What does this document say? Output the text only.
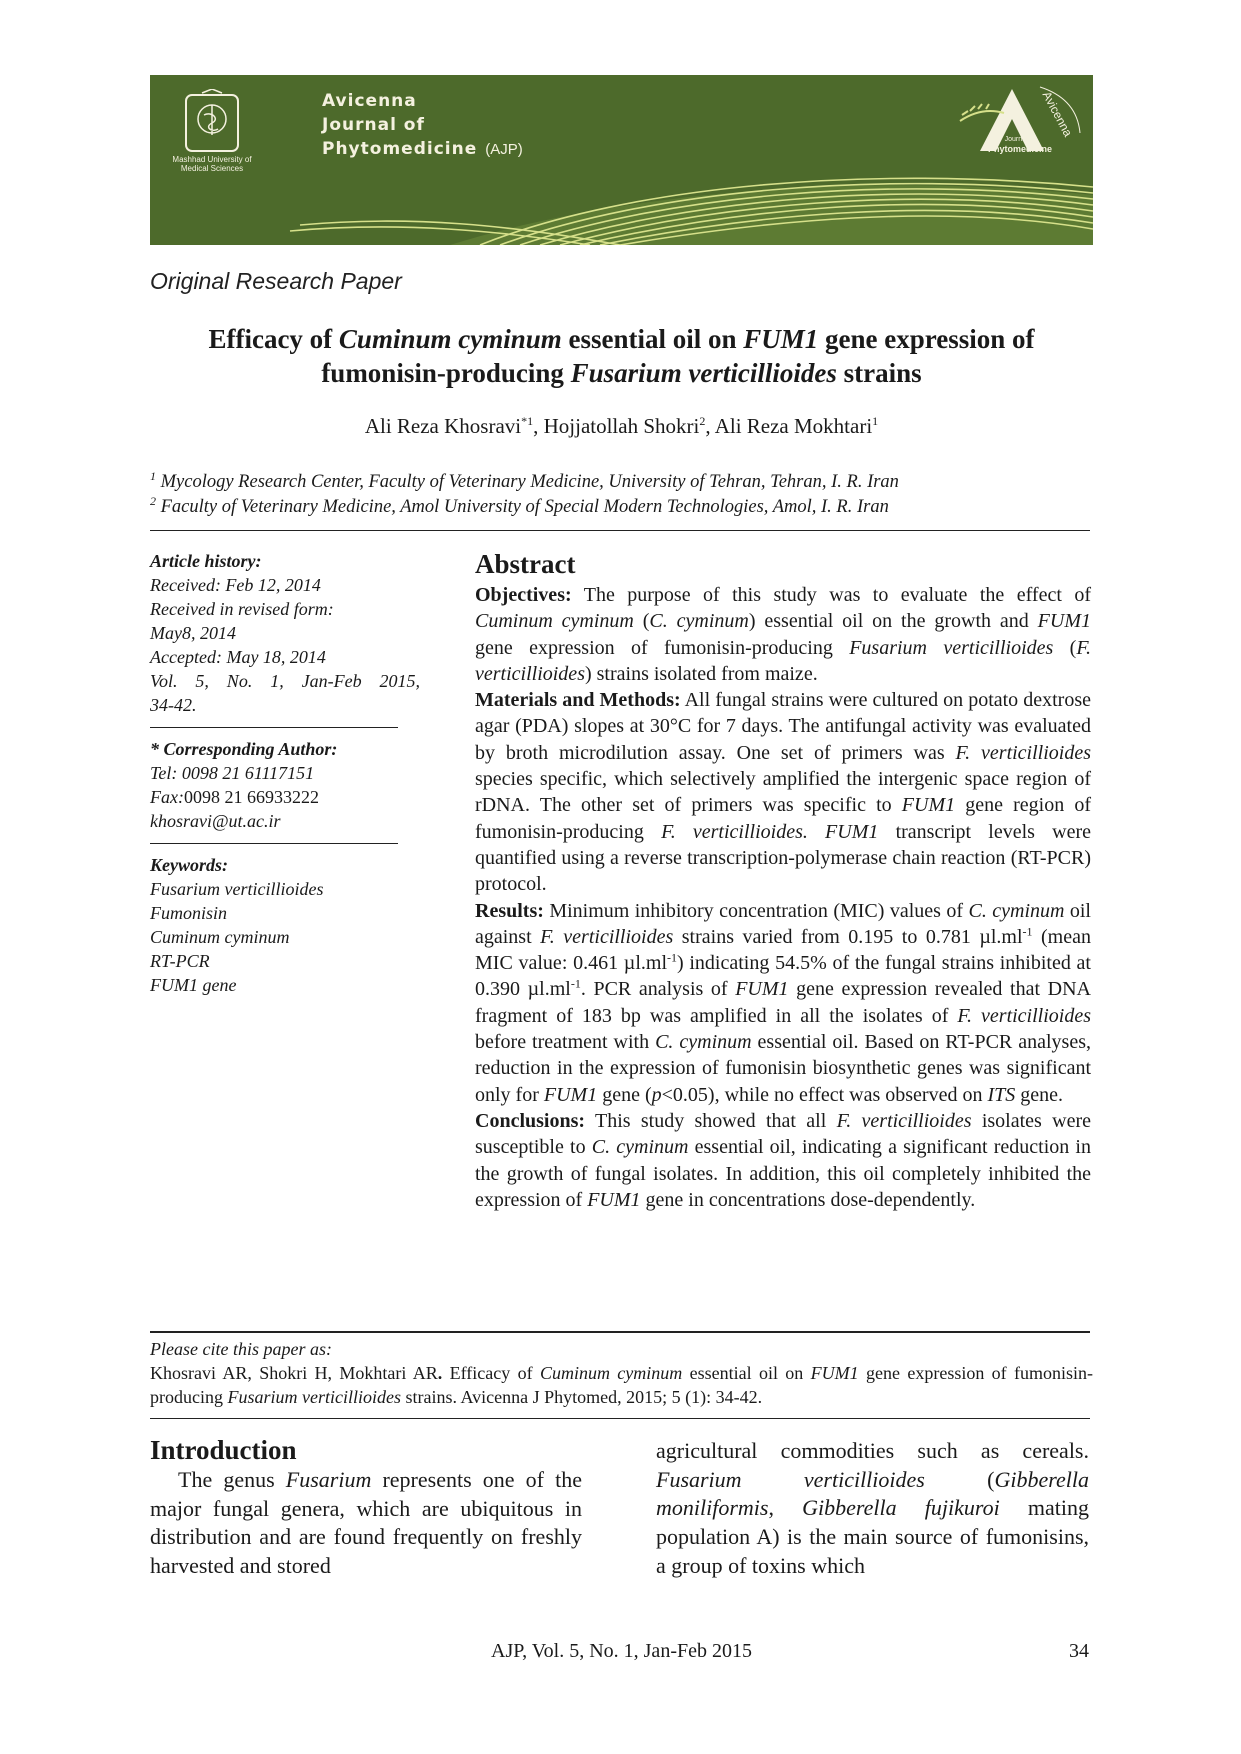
Mashhad University of Medical Sciences
Avicenna
Journal of
Phytomedicine (AJP)
Avicenna
Journal of
Phytomedicine
Original Research Paper
Efficacy of Cuminum cyminum essential oil on FUM1 gene expression of
fumonisin-producing Fusarium verticillioides strains
Ali Reza Khosravi$^{*1}$, Hojjatollah Shokri$^2$, Ali Reza Mokhtari$^1$
$^1$ Mycology Research Center, Faculty of Veterinary Medicine, University of Tehran, Tehran, I. R. Iran
$^2$ Faculty of Veterinary Medicine, Amol University of Special Modern Technologies, Amol, I. R. Iran

Article history:

Received: Feb 12, 2014

Received in revised form:

May8, 2014

Accepted: May 18, 2014

Vol. 5, No. 1, Jan-Feb 2015,

34-42.

* Corresponding Author:

Tel: 0098 21 61117151

Fax:0098 21 66933222

khosravi@ut.ac.ir

Keywords:

Fusarium verticillioides

Fumonisin

Cuminum cyminum

RT-PCR

FUM1 gene

Abstract

Objectives: The purpose of this study was to evaluate the effect of Cuminum cyminum (C. cyminum) essential oil on the growth and FUM1 gene expression of fumonisin-producing Fusarium verticillioides (F. verticillioides) strains isolated from maize.

Materials and Methods: All fungal strains were cultured on potato dextrose agar (PDA) slopes at 30°C for 7 days. The antifungal activity was evaluated by broth microdilution assay. One set of primers was F. verticillioides species specific, which selectively amplified the intergenic space region of rDNA. The other set of primers was specific to FUM1 gene region of fumonisin-producing F. verticillioides. FUM1 transcript levels were quantified using a reverse transcription-polymerase chain reaction (RT-PCR) protocol.

Results: Minimum inhibitory concentration (MIC) values of C. cyminum oil against F. verticillioides strains varied from 0.195 to 0.781 $\mu l.ml^{-1}$ (mean MIC value: 0.461 $\mu l.ml^{-1}$) indicating 54.5% of the fungal strains inhibited at 0.390 $\mu l.ml^{-1}$. PCR analysis of FUM1 gene expression revealed that DNA fragment of 183 bp was amplified in all the isolates of F. verticillioides before treatment with C. cyminum essential oil. Based on RT-PCR analyses, reduction in the expression of fumonisin biosynthetic genes was significant only for FUM1 gene (p<0.05), while no effect was observed on ITS gene.

Conclusions: This study showed that all F. verticillioides isolates were susceptible to C. cyminum essential oil, indicating a significant reduction in the growth of fungal isolates. In addition, this oil completely inhibited the expression of FUM1 gene in concentrations dose-dependently.

Please cite this paper as:
Khosravi AR, Shokri H, Mokhtari AR. Efficacy of Cuminum cyminum essential oil on FUM1 gene expression of fumonisin-producing Fusarium verticillioides strains. Avicenna J Phytomed, 2015; 5 (1): 34-42.
Introduction
The genus Fusarium represents one of the major fungal genera, which are ubiquitous in distribution and are found frequently on freshly harvested and stored
agricultural commodities such as cereals. Fusarium verticillioides (Gibberella moniliformis, Gibberella fujikuroi mating population A) is the main source of fumonisins, a group of toxins which
AJP, Vol. 5, No. 1, Jan-Feb 2015	34
